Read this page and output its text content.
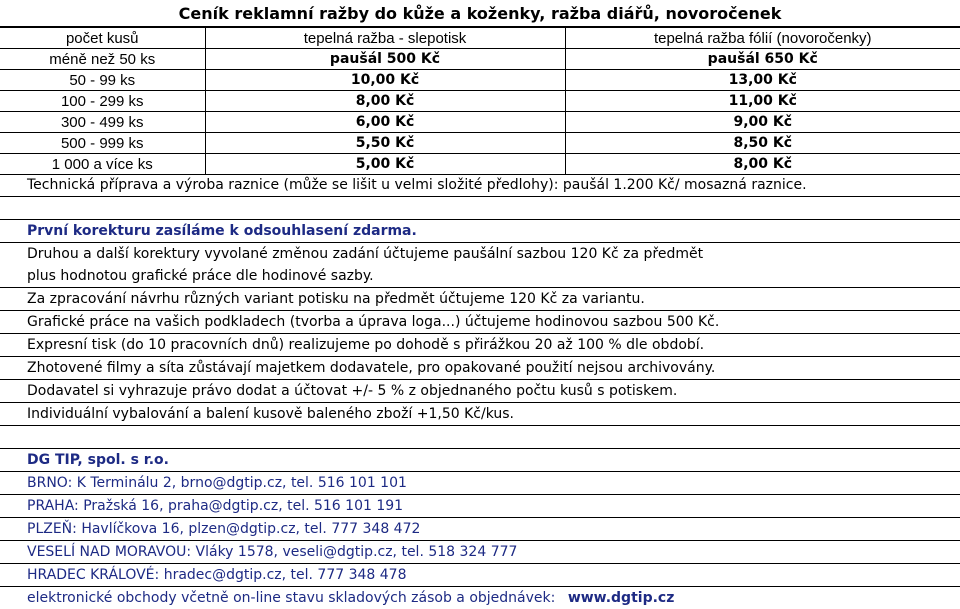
Ceník reklamní ražby do kůže a koženky, ražba diářů, novoročenek
počet kusů	tepelná ražba - slepotisk	tepelná ražba fólií (novoročenky)
méně než 50 ks	paušál 500 Kč	paušál 650 Kč
50 - 99 ks	10,00 Kč	13,00 Kč
100 - 299 ks	8,00 Kč	11,00 Kč
300 - 499 ks	6,00 Kč	9,00 Kč
500 - 999 ks	5,50 Kč	8,50 Kč
1 000 a více ks	5,00 Kč	8,00 Kč
Technická příprava a výroba raznice (může se lišit u velmi složité předlohy): paušál 1.200 Kč/ mosazná raznice.
První korekturu zasíláme k odsouhlasení zdarma.
Druhou a další korektury vyvolané změnou zadání účtujeme paušální sazbou 120 Kč za předmět
plus hodnotou grafické práce dle hodinové sazby.
Za zpracování návrhu různých variant potisku na předmět účtujeme 120 Kč za variantu.
Grafické práce na vašich podkladech (tvorba a úprava loga...) účtujeme hodinovou sazbou 500 Kč.
Expresní tisk (do 10 pracovních dnů) realizujeme po dohodě s přirážkou 20 až 100 % dle období.
Zhotovené filmy a síta zůstávají majetkem dodavatele, pro opakované použití nejsou archivovány.
Dodavatel si vyhrazuje právo dodat a účtovat +/- 5 % z objednaného počtu kusů s potiskem.
Individuální vybalování a balení kusově baleného zboží +1,50 Kč/kus.
DG TIP, spol. s r.o.
BRNO: K Terminálu 2, brno@dgtip.cz, tel. 516 101 101
PRAHA: Pražská 16, praha@dgtip.cz, tel. 516 101 191
PLZEŇ: Havlíčkova 16, plzen@dgtip.cz, tel. 777 348 472
VESELÍ NAD MORAVOU: Vláky 1578, veseli@dgtip.cz, tel. 518 324 777
HRADEC KRÁLOVÉ: hradec@dgtip.cz, tel. 777 348 478
elektronické obchody včetně on-line stavu skladových zásob a objednávek: www.dgtip.cz
